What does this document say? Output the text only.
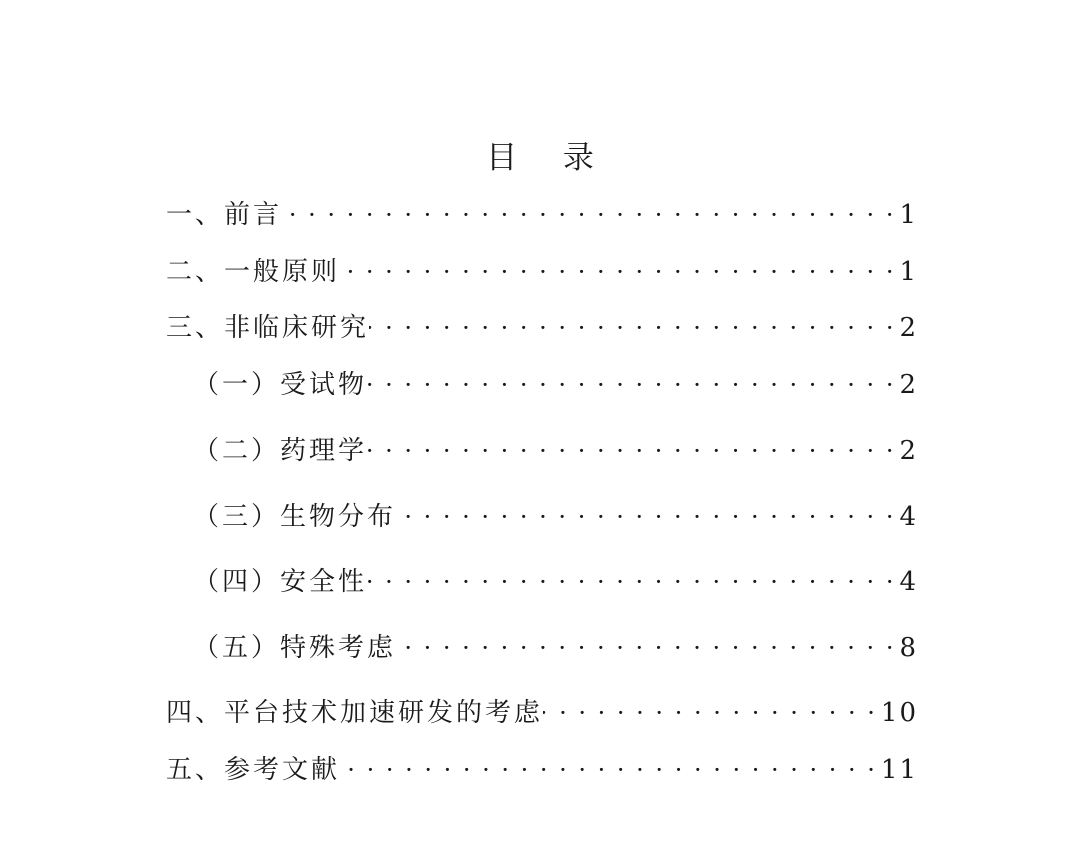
目 录
一、前言 · · ·	1
二、一般原则 · · ·	1
三、非临床研究 · · ·	2
（一）受试物 · · ·	2
（二）药理学 · · ·	2
（三）生物分布 · · ·	4
（四）安全性 · · ·	4
（五）特殊考虑 · · ·	8
四、平台技术加速研发的考虑 · · ·	10
五、参考文献 · · ·	11
